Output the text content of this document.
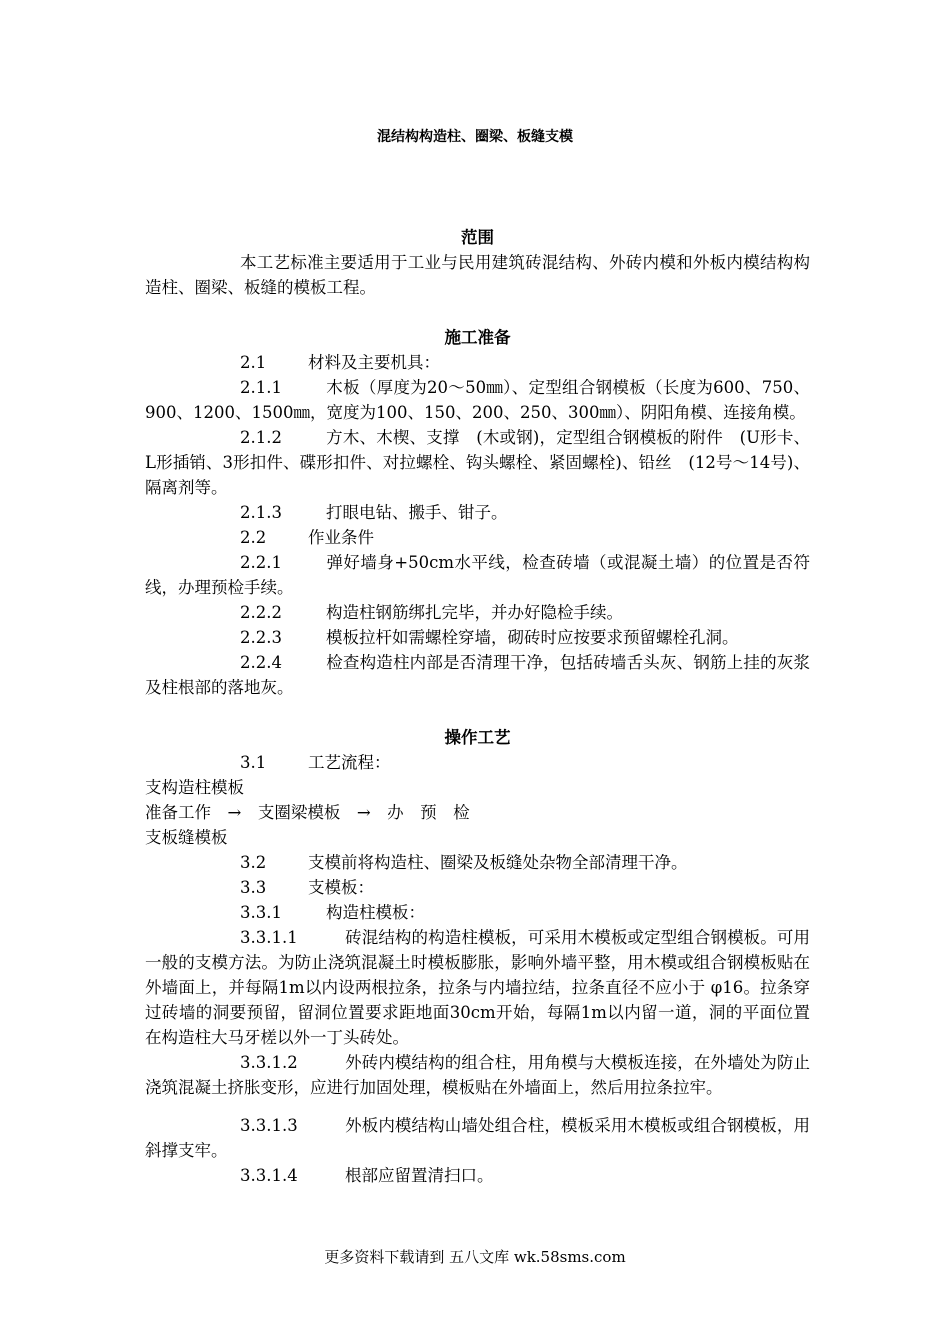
混结构构造柱、圈梁、板缝支模

范围

本工艺标准主要适用于工业与民用建筑砖混结构、外砖内模和外板内模结构构造柱、圈梁、板缝的模板工程。

施工准备

2.1	材料及主要机具：

2.1.1	木板（厚度为20～50㎜）、定型组合钢模板（长度为600、750、900、1200、1500㎜，宽度为100、150、200、250、300㎜）、阴阳角模、连接角模。

2.1.2	方木、木楔、支撑　(木或钢)，定型组合钢模板的附件　(U形卡、L形插销、3形扣件、碟形扣件、对拉螺栓、钩头螺栓、紧固螺栓)、铅丝　(12号～14号)、隔离剂等。

2.1.3	打眼电钻、搬手、钳子。

2.2	作业条件

2.2.1	弹好墙身+50cm水平线，检查砖墙（或混凝土墙）的位置是否符线，办理预检手续。

2.2.2	构造柱钢筋绑扎完毕，并办好隐检手续。

2.2.3	模板拉杆如需螺栓穿墙，砌砖时应按要求预留螺栓孔洞。

2.2.4	检查构造柱内部是否清理干净，包括砖墙舌头灰、钢筋上挂的灰浆及柱根部的落地灰。

操作工艺

3.1	工艺流程：

支构造柱模板

准备工作　→　支圈梁模板　→　办　预　检

支板缝模板

3.2	支模前将构造柱、圈梁及板缝处杂物全部清理干净。

3.3	支模板：

3.3.1	构造柱模板：

3.3.1.1	砖混结构的构造柱模板，可采用木模板或定型组合钢模板。可用一般的支模方法。为防止浇筑混凝土时模板膨胀，影响外墙平整，用木模或组合钢模板贴在外墙面上，并每隔1m以内设两根拉条，拉条与内墙拉结，拉条直径不应小于 φ16。拉条穿过砖墙的洞要预留，留洞位置要求距地面30cm开始，每隔1m以内留一道，洞的平面位置在构造柱大马牙槎以外一丁头砖处。

3.3.1.2	外砖内模结构的组合柱，用角模与大模板连接，在外墙处为防止浇筑混凝土挤胀变形，应进行加固处理，模板贴在外墙面上，然后用拉条拉牢。

3.3.1.3	外板内模结构山墙处组合柱，模板采用木模板或组合钢模板，用斜撑支牢。

3.3.1.4	根部应留置清扫口。

更多资料下载请到 五八文库 wk.58sms.com
